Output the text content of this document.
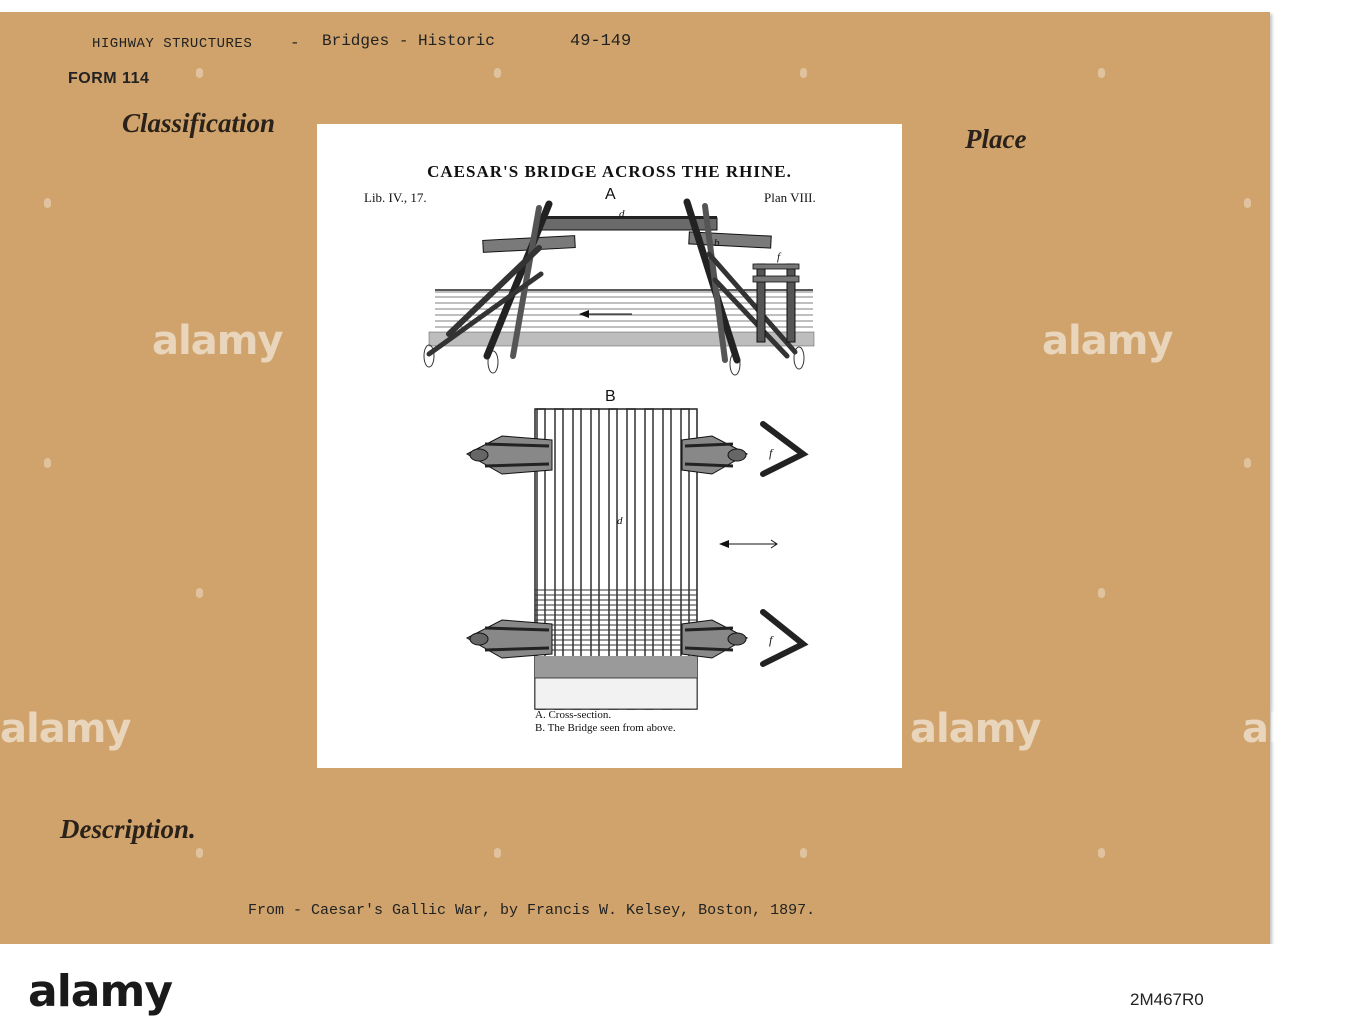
HIGHWAY STRUCTURES - Bridges - Historic	49-149
FORM 114
Classification
Place
Description.
From - Caesar's Gallic War, by Francis W. Kelsey, Boston, 1897.
alamy	alamy
alamy	alamy	alamy
f
d
b
f
f
d
CAESAR'S BRIDGE ACROSS THE RHINE.
Lib. IV., 17.	Plan VIII.
A
B
A. Cross-section.
B. The Bridge seen from above.
alamy	2M467R0
